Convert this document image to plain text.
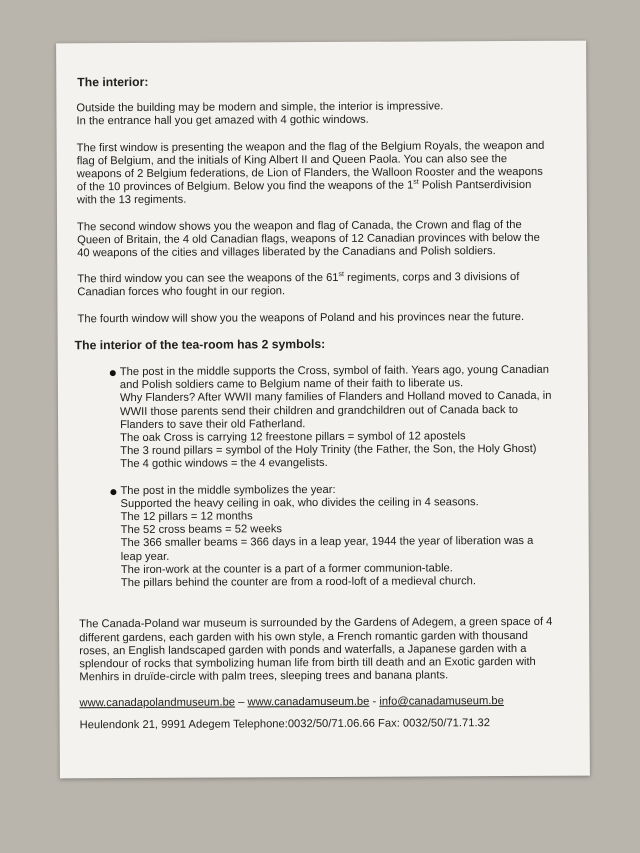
The interior:
Outside the building may be modern and simple, the interior is impressive.
In the entrance hall you get amazed with 4 gothic windows.
The first window is presenting the weapon and the flag of the Belgium Royals, the weapon and
flag of Belgium, and the initials of King Albert II and Queen Paola. You can also see the
weapons of 2 Belgium federations, de Lion of Flanders, the Walloon Rooster and the weapons
of the 10 provinces of Belgium. Below you find the weapons of the 1st Polish Pantserdivision
with the 13 regiments.
The second window shows you the weapon and flag of Canada, the Crown and flag of the
Queen of Britain, the 4 old Canadian flags, weapons of 12 Canadian provinces with below the
40 weapons of the cities and villages liberated by the Canadians and Polish soldiers.
The third window you can see the weapons of the 61st regiments, corps and 3 divisions of
Canadian forces who fought in our region.
The fourth window will show you the weapons of Poland and his provinces near the future.
The interior of the tea-room has 2 symbols:
The post in the middle supports the Cross, symbol of faith. Years ago, young Canadian
and Polish soldiers came to Belgium name of their faith to liberate us.
Why Flanders? After WWII many families of Flanders and Holland moved to Canada, in
WWII those parents send their children and grandchildren out of Canada back to
Flanders to save their old Fatherland.
The oak Cross is carrying 12 freestone pillars = symbol of 12 apostels
The 3 round pillars = symbol of the Holy Trinity (the Father, the Son, the Holy Ghost)
The 4 gothic windows = the 4 evangelists.
The post in the middle symbolizes the year:
Supported the heavy ceiling in oak, who divides the ceiling in 4 seasons.
The 12 pillars = 12 months
The 52 cross beams = 52 weeks
The 366 smaller beams = 366 days in a leap year, 1944 the year of liberation was a
leap year.
The iron-work at the counter is a part of a former communion-table.
The pillars behind the counter are from a rood-loft of a medieval church.
The Canada-Poland war museum is surrounded by the Gardens of Adegem, a green space of 4
different gardens, each garden with his own style, a French romantic garden with thousand
roses, an English landscaped garden with ponds and waterfalls, a Japanese garden with a
splendour of rocks that symbolizing human life from birth till death and an Exotic garden with
Menhirs in druïde-circle with palm trees, sleeping trees and banana plants.
www.canadapolandmuseum.be – www.canadamuseum.be - info@canadamuseum.be
Heulendonk 21, 9991 Adegem Telephone:0032/50/71.06.66 Fax: 0032/50/71.71.32
